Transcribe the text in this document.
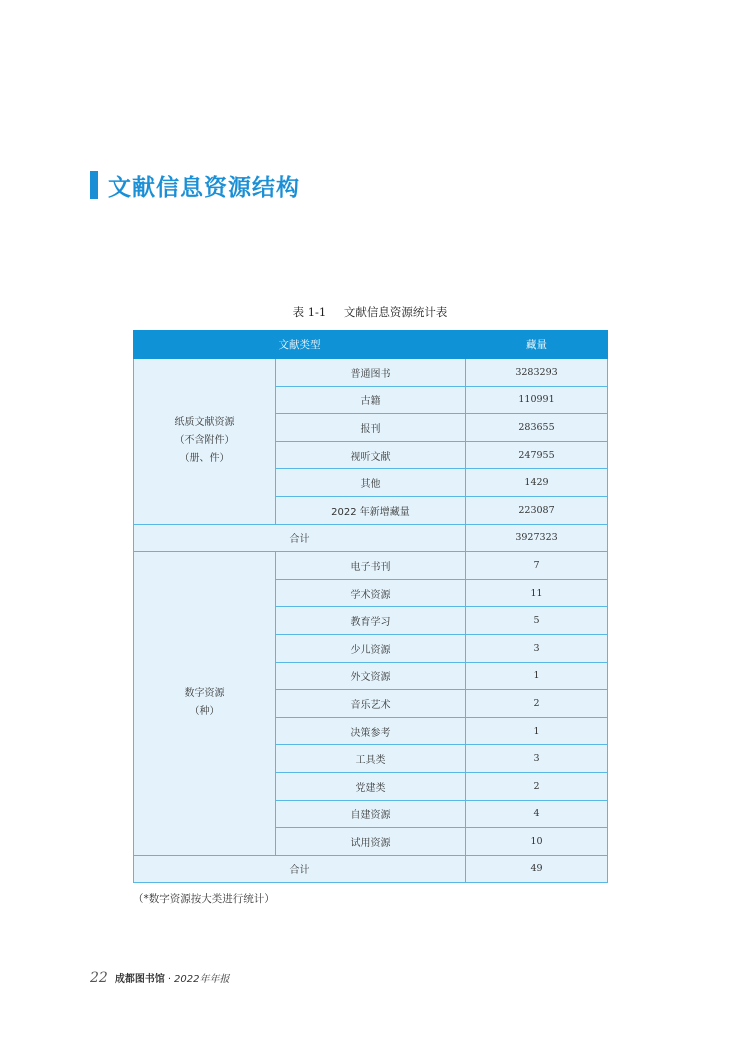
文献信息资源结构
表 1-1 文献信息资源统计表
文献类型		藏量

纸质文献资源
（不含附件）
（册、件）	普通图书	3283293
	古籍	110991
	报刊	283655
	视听文献	247955
	其他	1429
	2022 年新增藏量	223087
合计		3927323

数字资源
（种）	电子书刊	7
	学术资源	11
	教育学习	5
	少儿资源	3
	外文资源	1
	音乐艺术	2
	决策参考	1
	工具类	3
	党建类	2
	自建资源	4
	试用资源	10
合计		49
（*数字资源按大类进行统计）
22 成都图书馆 · 2022年年报
